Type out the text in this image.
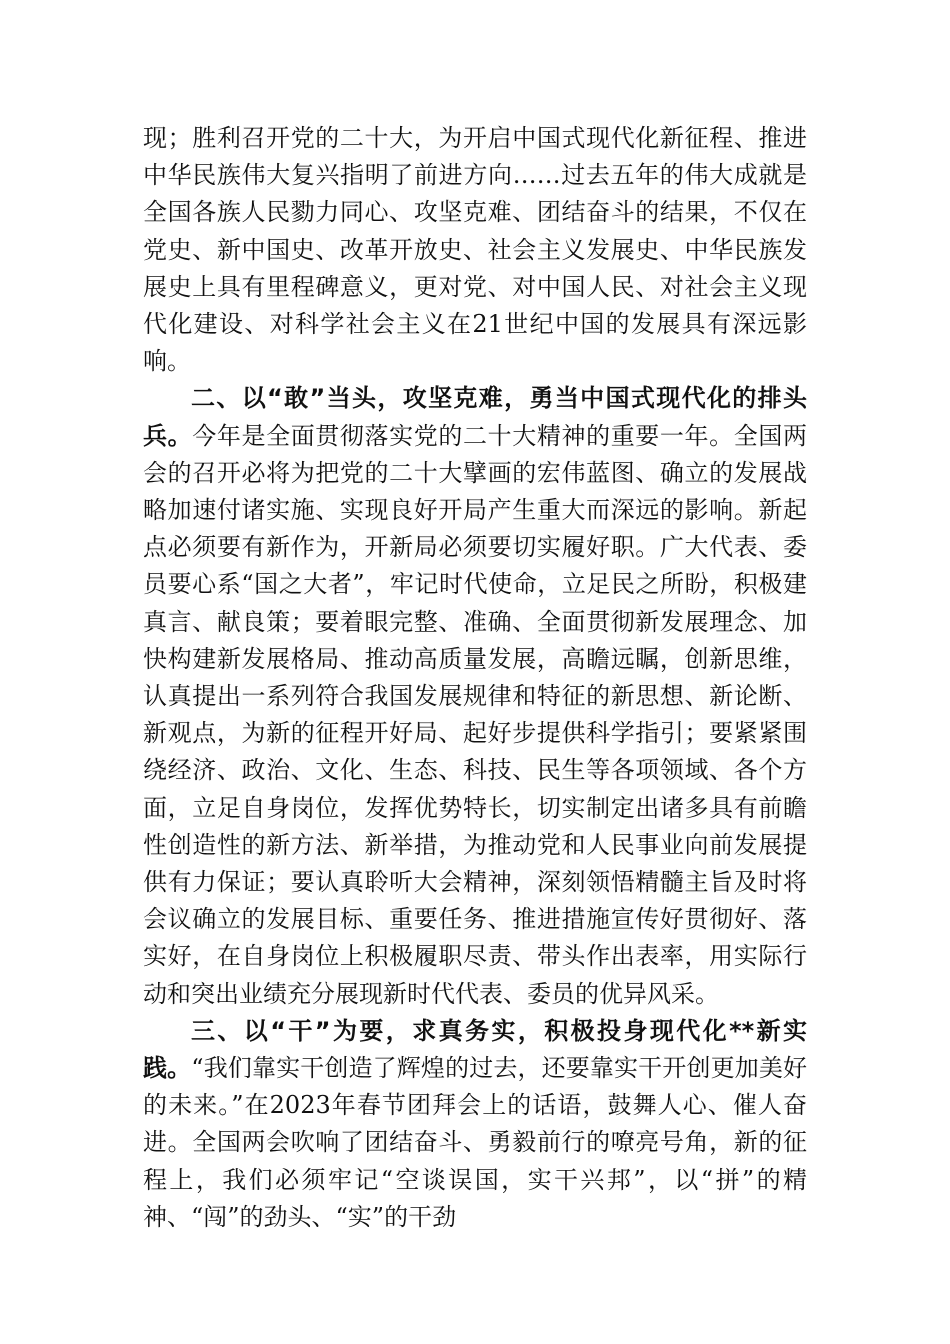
现；胜利召开党的二十大，为开启中国式现代化新征程、推进中华民族伟大复兴指明了前进方向……过去五年的伟大成就是全国各族人民勠力同心、攻坚克难、团结奋斗的结果，不仅在党史、新中国史、改革开放史、社会主义发展史、中华民族发展史上具有里程碑意义，更对党、对中国人民、对社会主义现代化建设、对科学社会主义在21世纪中国的发展具有深远影响。

二、以“敢”当头，攻坚克难，勇当中国式现代化的排头兵。今年是全面贯彻落实党的二十大精神的重要一年。全国两会的召开必将为把党的二十大擘画的宏伟蓝图、确立的发展战略加速付诸实施、实现良好开局产生重大而深远的影响。新起点必须要有新作为，开新局必须要切实履好职。广大代表、委员要心系“国之大者”，牢记时代使命，立足民之所盼，积极建真言、献良策；要着眼完整、准确、全面贯彻新发展理念、加快构建新发展格局、推动高质量发展，高瞻远瞩，创新思维，认真提出一系列符合我国发展规律和特征的新思想、新论断、新观点，为新的征程开好局、起好步提供科学指引；要紧紧围绕经济、政治、文化、生态、科技、民生等各项领域、各个方面，立足自身岗位，发挥优势特长，切实制定出诸多具有前瞻性创造性的新方法、新举措，为推动党和人民事业向前发展提供有力保证；要认真聆听大会精神，深刻领悟精髓主旨及时将会议确立的发展目标、重要任务、推进措施宣传好贯彻好、落实好，在自身岗位上积极履职尽责、带头作出表率，用实际行动和突出业绩充分展现新时代代表、委员的优异风采。

三、以“干”为要，求真务实，积极投身现代化**新实践。“我们靠实干创造了辉煌的过去，还要靠实干开创更加美好的未来。”在2023年春节团拜会上的话语，鼓舞人心、催人奋进。全国两会吹响了团结奋斗、勇毅前行的嘹亮号角，新的征程上，我们必须牢记“空谈误国，实干兴邦”，以“拼”的精神、“闯”的劲头、“实”的干劲
